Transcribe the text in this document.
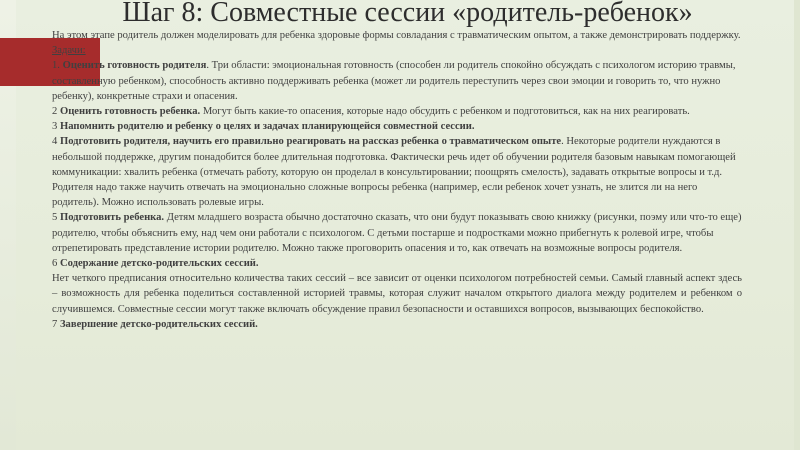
Шаг 8: Совместные сессии «родитель-ребенок»

На этом этапе родитель должен моделировать для ребенка здоровые формы совладания с травматическим опытом, а также демонстрировать поддержку.

Задачи:

1. Оценить готовность родителя. Три области: эмоциональная готовность (способен ли родитель спокойно обсуждать с психологом историю травмы, составленную ребенком), способность активно поддерживать ребенка (может ли родитель переступить через свои эмоции и говорить то, что нужно ребенку), конкретные страхи и опасения.

2 Оценить готовность ребенка. Могут быть какие-то опасения, которые надо обсудить с ребенком и подготовиться, как на них реагировать.

3 Напомнить родителю и ребенку о целях и задачах планирующейся совместной сессии.

4 Подготовить родителя, научить его правильно реагировать на рассказ ребенка о травматическом опыте. Некоторые родители нуждаются в небольшой поддержке, другим понадобится более длительная подготовка. Фактически речь идет об обучении родителя базовым навыкам помогающей коммуникации: хвалить ребенка (отмечать работу, которую он проделал в консультировании; поощрять смелость), задавать открытые вопросы и т.д. Родителя надо также научить отвечать на эмоционально сложные вопросы ребенка (например, если ребенок хочет узнать, не злится ли на него родитель). Можно использовать ролевые игры.

5 Подготовить ребенка. Детям младшего возраста обычно достаточно сказать, что они будут показывать свою книжку (рисунки, поэму или что-то еще) родителю, чтобы объяснить ему, над чем они работали с психологом. С детьми постарше и подростками можно прибегнуть к ролевой игре, чтобы отрепетировать представление истории родителю. Можно также проговорить опасения и то, как отвечать на возможные вопросы родителя.

6 Содержание детско-родительских сессий.

Нет четкого предписания относительно количества таких сессий – все зависит от оценки психологом потребностей семьи. Самый главный аспект здесь – возможность для ребенка поделиться составленной историей травмы, которая служит началом открытого диалога между родителем и ребенком о случившемся. Совместные сессии могут также включать обсуждение правил безопасности и оставшихся вопросов, вызывающих беспокойство.

7 Завершение детско-родительских сессий.
